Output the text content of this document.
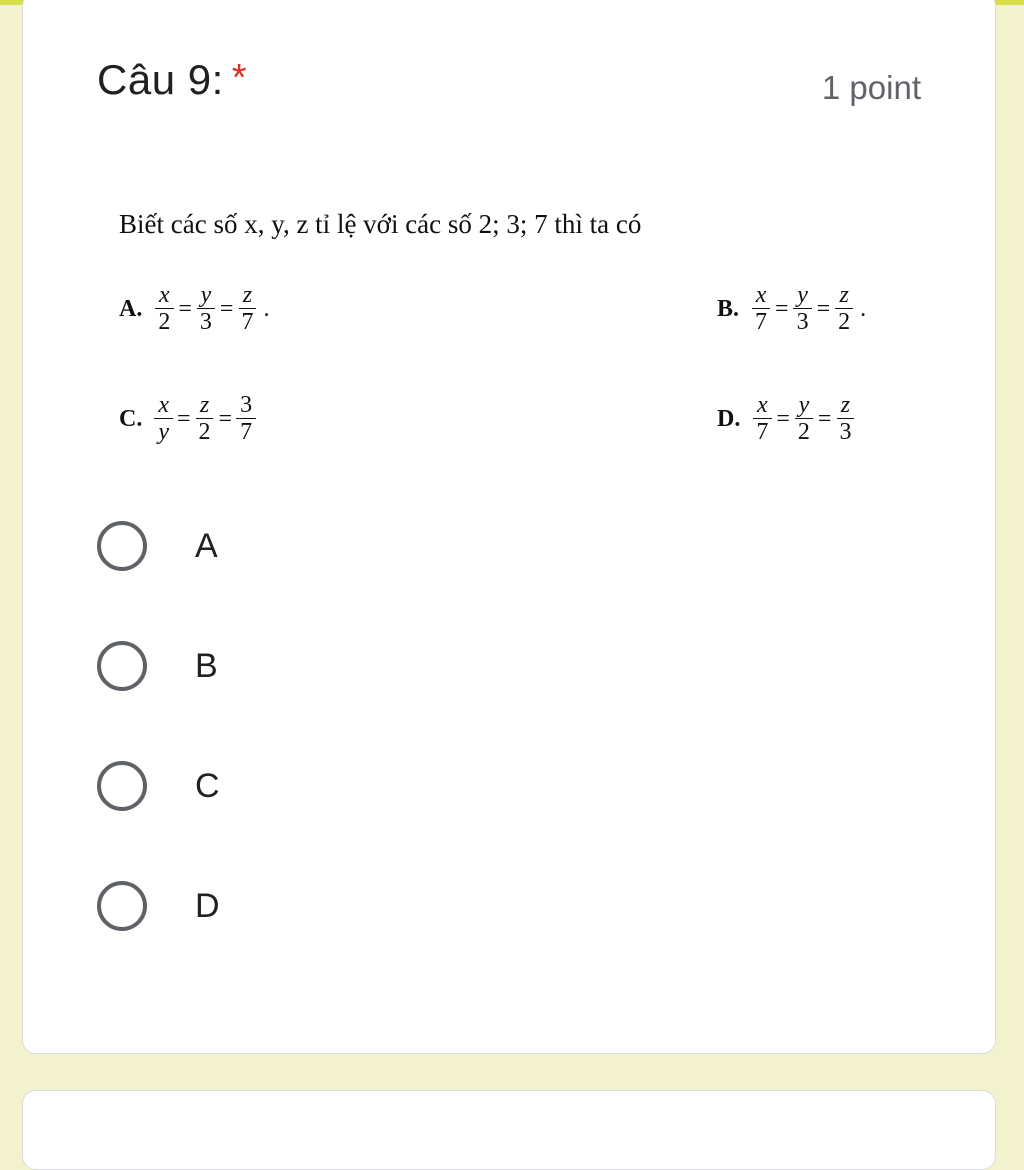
Câu 9: *	1 point
Biết các số x, y, z tỉ lệ với các số 2; 3; 7 thì ta có
A. $\frac{x}{2} = \frac{y}{3} = \frac{z}{7}$ .	B. $\frac{x}{7} = \frac{y}{3} = \frac{z}{2}$ .
C. $\frac{x}{y} = \frac{z}{2} = \frac{3}{7}$	D. $\frac{x}{7} = \frac{y}{2} = \frac{z}{3}$
A
B
C
D
